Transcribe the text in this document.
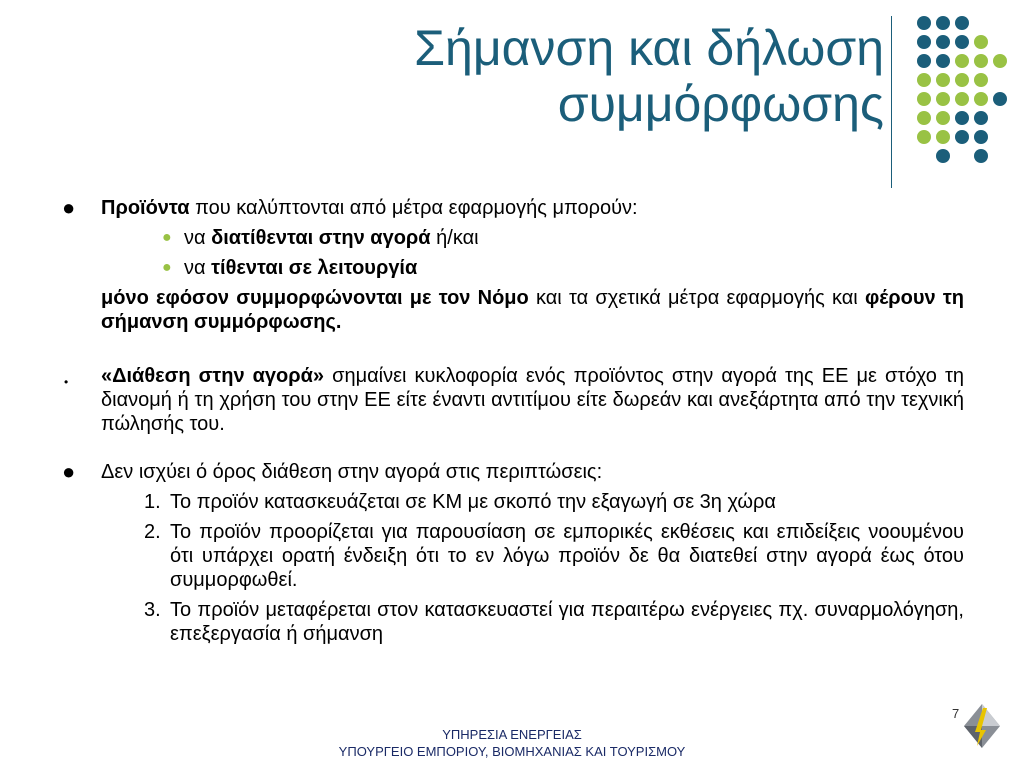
Σήμανση και δήλωση
συμμόρφωσης
● Προϊόντα που καλύπτονται από μέτρα εφαρμογής μπορούν:
● να διατίθενται στην αγορά ή/και
● να τίθενται σε λειτουργία
μόνο εφόσον συμμορφώνονται με τον Νόμο και τα σχετικά μέτρα εφαρμογής και φέρουν τη σήμανση συμμόρφωσης.
• «Διάθεση στην αγορά» σημαίνει κυκλοφορία ενός προϊόντος στην αγορά της ΕΕ με στόχο τη διανομή ή τη χρήση του στην ΕΕ είτε έναντι αντιτίμου είτε δωρεάν και ανεξάρτητα από την τεχνική πώλησής του.
● Δεν ισχύει ό όρος διάθεση στην αγορά στις περιπτώσεις:
1. Το προϊόν κατασκευάζεται σε ΚΜ με σκοπό την εξαγωγή σε 3η χώρα
2. Το προϊόν προορίζεται για παρουσίαση σε εμπορικές εκθέσεις και επιδείξεις νοουμένου ότι υπάρχει ορατή ένδειξη ότι το εν λόγω προϊόν δε θα διατεθεί στην αγορά έως ότου συμμορφωθεί.
3. Το προϊόν μεταφέρεται στον κατασκευαστεί για περαιτέρω ενέργειες πχ. συναρμολόγηση, επεξεργασία ή σήμανση
7
ΥΠΗΡΕΣΙΑ ΕΝΕΡΓΕΙΑΣ
ΥΠΟΥΡΓΕΙΟ ΕΜΠΟΡΙΟΥ, ΒΙΟΜΗΧΑΝΙΑΣ ΚΑΙ ΤΟΥΡΙΣΜΟΥ
